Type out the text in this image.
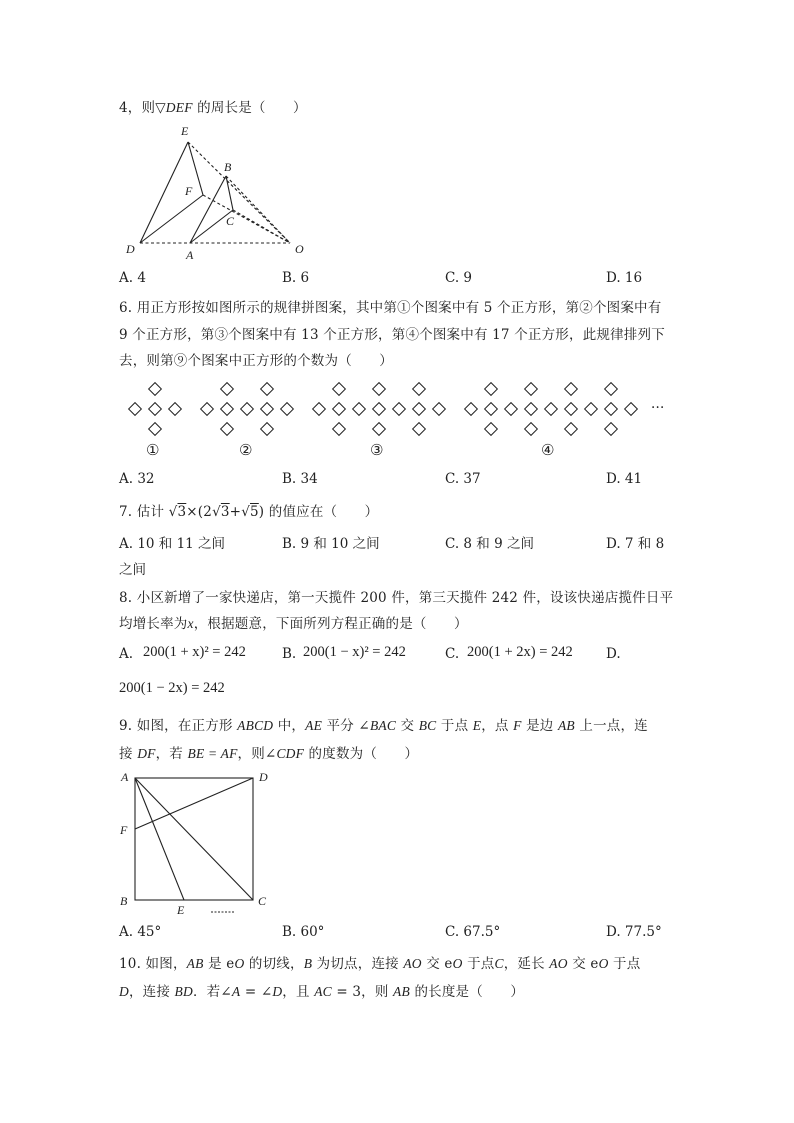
4，则▽DEF 的周长是（　　）
E
B
F
C
D	A	O
A. 4	B. 6	C. 9	D. 16
6. 用正方形按如图所示的规律拼图案，其中第①个图案中有 5 个正方形，第②个图案中有
9 个正方形，第③个图案中有 13 个正方形，第④个图案中有 17 个正方形，此规律排列下
去，则第⑨个图案中正方形的个数为（　　）
···
①	②	③	④
A. 32	B. 34	C. 37	D. 41
7. 估计 √3×(2√3+√5) 的值应在（　　）
A. 10 和 11 之间	B. 9 和 10 之间	C. 8 和 9 之间	D. 7 和 8
之间
8. 小区新增了一家快递店，第一天揽件 200 件，第三天揽件 242 件，设该快递店揽件日平
均增长率为x，根据题意，下面所列方程正确的是（　　）
A. 200(1 + x)² = 242	B. 200(1 − x)² = 242	C. 200(1 + 2x) = 242 D.
200(1 − 2x) = 242
9. 如图，在正方形 ABCD 中，AE 平分 ∠BAC 交 BC 于点 E，点 F 是边 AB 上一点，连
接 DF，若 BE = AF，则∠CDF 的度数为（　　）
A	D
F
B
E
C
A. 45°	B. 60°	C. 67.5°	D. 77.5°
10. 如图，AB 是 eO 的切线，B 为切点，连接 AO 交 eO 于点C，延长 AO 交 eO 于点
D，连接 BD．若∠A = ∠D，且 AC = 3，则 AB 的长度是（　　）
